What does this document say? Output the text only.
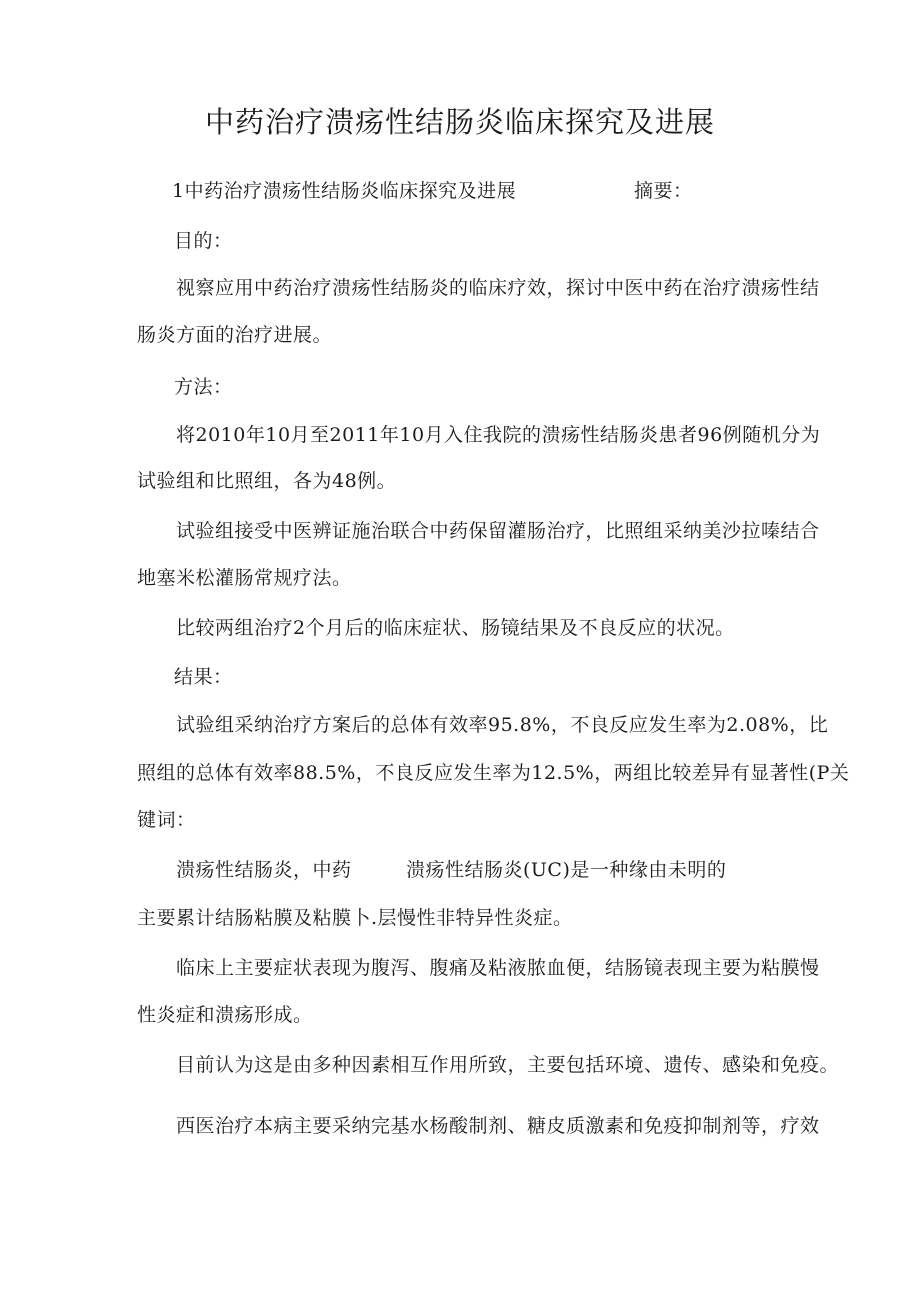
中药治疗溃疡性结肠炎临床探究及进展
1中药治疗溃疡性结肠炎临床探究及进展	摘要：
目的：
视察应用中药治疗溃疡性结肠炎的临床疗效，探讨中医中药在治疗溃疡性结
肠炎方面的治疗进展。
方法：
将2010年10月至2011年10月入住我院的溃疡性结肠炎患者96例随机分为
试验组和比照组，各为48例。
试验组接受中医辨证施治联合中药保留灌肠治疗，比照组采纳美沙拉嗪结合
地塞米松灌肠常规疗法。
比较两组治疗2个月后的临床症状、肠镜结果及不良反应的状况。
结果：
试验组采纳治疗方案后的总体有效率95.8%，不良反应发生率为2.08%，比
照组的总体有效率88.5%，不良反应发生率为12.5%，两组比较差异有显著性(P关
键词：
溃疡性结肠炎，中药	溃疡性结肠炎(UC)是一种缘由未明的
主要累计结肠粘膜及粘膜卜.层慢性非特异性炎症。
临床上主要症状表现为腹泻、腹痛及粘液脓血便，结肠镜表现主要为粘膜慢
性炎症和溃疡形成。
目前认为这是由多种因素相互作用所致，主要包括环境、遗传、感染和免疫。
西医治疗本病主要采纳完基水杨酸制剂、糖皮质激素和免疫抑制剂等，疗效
